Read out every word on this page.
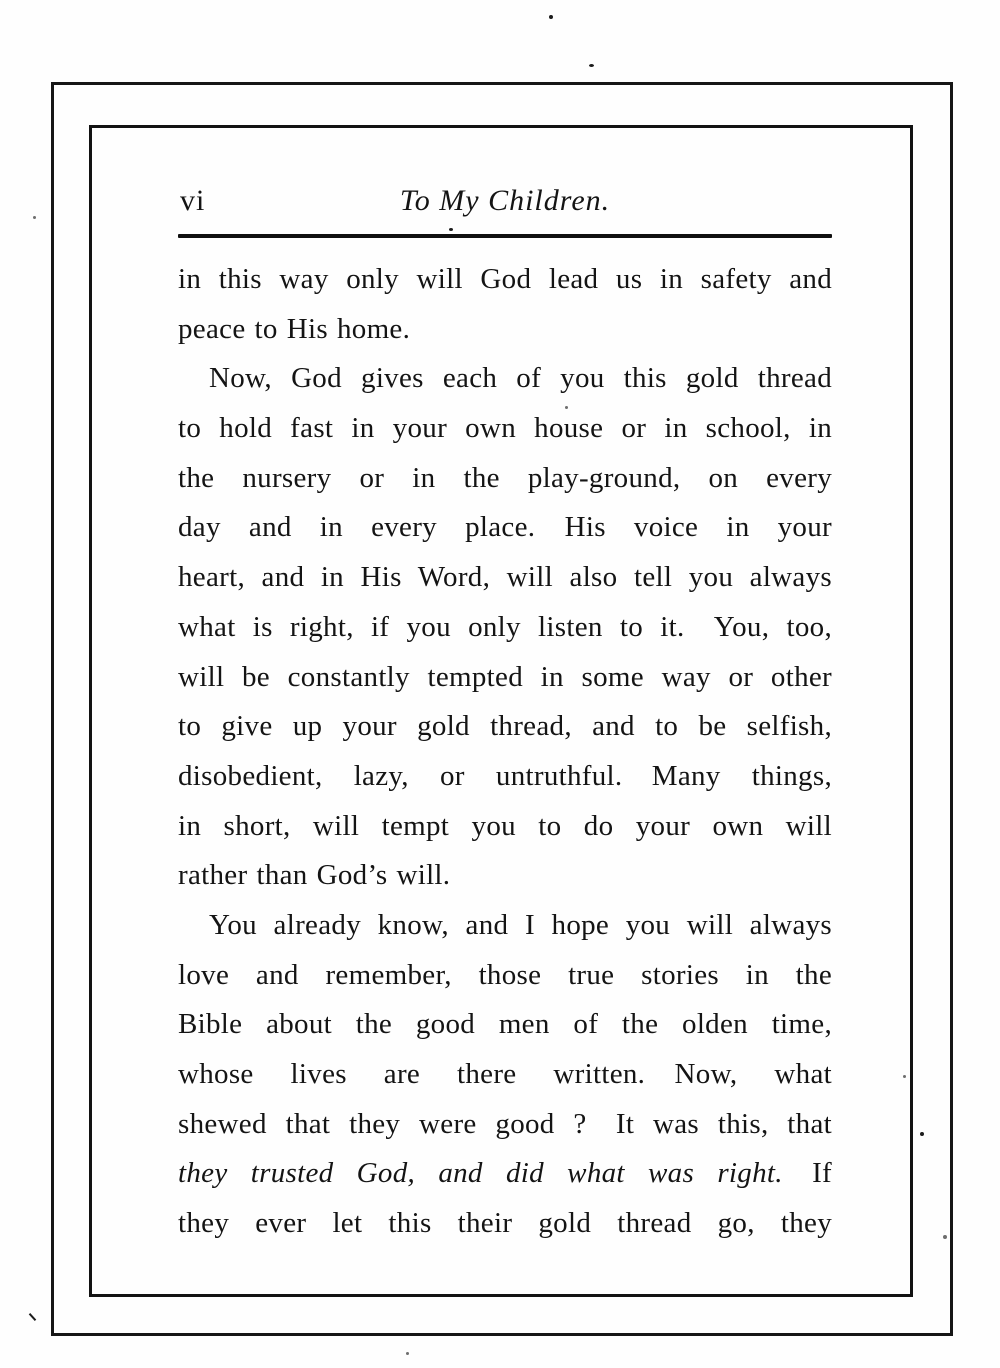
vi	To My Children.
in this way only will God lead us in safety and
peace to His home.
Now, God gives each of you this gold thread
to hold fast in your own house or in school, in
the nursery or in the play-ground, on every
day and in every place. His voice in your
heart, and in His Word, will also tell you always
what is right, if you only listen to it. You, too,
will be constantly tempted in some way or other
to give up your gold thread, and to be selfish,
disobedient, lazy, or untruthful. Many things,
in short, will tempt you to do your own will
rather than God’s will.
You already know, and I hope you will always
love and remember, those true stories in the
Bible about the good men of the olden time,
whose lives are there written. Now, what
shewed that they were good ? It was this, that
they trusted God, and did what was right. If
they ever let this their gold thread go, they
